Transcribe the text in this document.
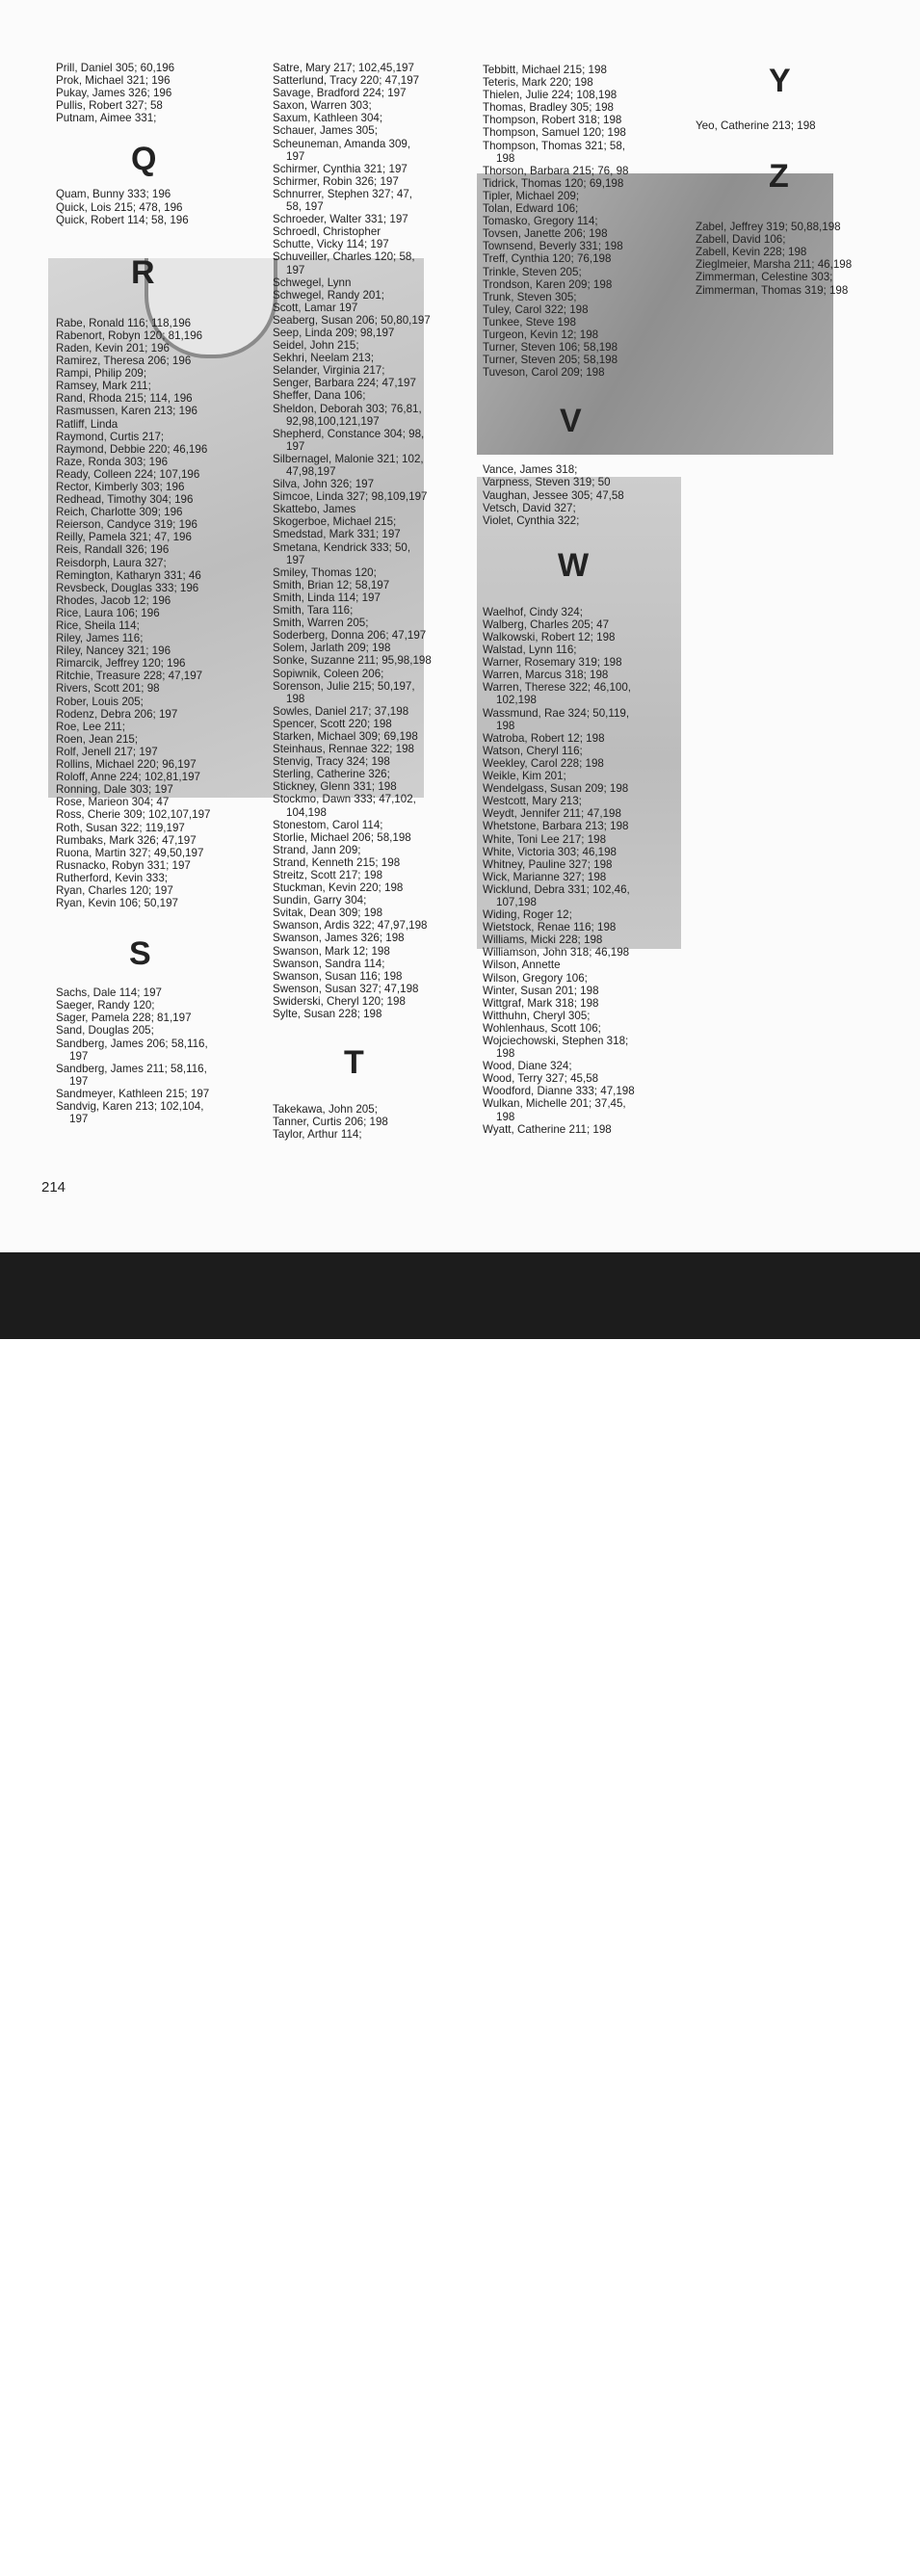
Prill, Daniel 305; 60,196
Prok, Michael 321; 196
Pukay, James 326; 196
Pullis, Robert 327; 58
Putnam, Aimee 331;
Q
Quam, Bunny 333; 196
Quick, Lois 215; 478, 196
Quick, Robert 114; 58, 196
R
Rabe, Ronald 116; 118,196
Rabenort, Robyn 120; 81,196
Raden, Kevin 201; 196
Ramirez, Theresa 206; 196
Rampi, Philip 209;
Ramsey, Mark 211;
Rand, Rhoda 215; 114, 196
Rasmussen, Karen 213; 196
Ratliff, Linda
Raymond, Curtis 217;
Raymond, Debbie 220; 46,196
Raze, Ronda 303; 196
Ready, Colleen 224; 107,196
Rector, Kimberly 303; 196
Redhead, Timothy 304; 196
Reich, Charlotte 309; 196
Reierson, Candyce 319; 196
Reilly, Pamela 321; 47, 196
Reis, Randall 326; 196
Reisdorph, Laura 327;
Remington, Katharyn 331; 46
Revsbeck, Douglas 333; 196
Rhodes, Jacob 12; 196
Rice, Laura 106; 196
Rice, Sheila 114;
Riley, James 116;
Riley, Nancey 321; 196
Rimarcik, Jeffrey 120; 196
Ritchie, Treasure 228; 47,197
Rivers, Scott 201; 98
Rober, Louis 205;
Rodenz, Debra 206; 197
Roe, Lee 211;
Roen, Jean 215;
Rolf, Jenell 217; 197
Rollins, Michael 220; 96,197
Roloff, Anne 224; 102,81,197
Ronning, Dale 303; 197
Rose, Marieon 304; 47
Ross, Cherie 309; 102,107,197
Roth, Susan 322; 119,197
Rumbaks, Mark 326; 47,197
Ruona, Martin 327; 49,50,197
Rusnacko, Robyn 331; 197
Rutherford, Kevin 333;
Ryan, Charles 120; 197
Ryan, Kevin 106; 50,197
S
Sachs, Dale 114; 197
Saeger, Randy 120;
Sager, Pamela 228; 81,197
Sand, Douglas 205;
Sandberg, James 206; 58,116,
197
Sandberg, James 211; 58,116,
197
Sandmeyer, Kathleen 215; 197
Sandvig, Karen 213; 102,104,
197
Satre, Mary 217; 102,45,197
Satterlund, Tracy 220; 47,197
Savage, Bradford 224; 197
Saxon, Warren 303;
Saxum, Kathleen 304;
Schauer, James 305;
Scheuneman, Amanda 309,
197
Schirmer, Cynthia 321; 197
Schirmer, Robin 326; 197
Schnurrer, Stephen 327; 47,
58, 197
Schroeder, Walter 331; 197
Schroedl, Christopher
Schutte, Vicky 114; 197
Schuveiller, Charles 120; 58,
197
Schwegel, Lynn
Schwegel, Randy 201;
Scott, Lamar 197
Seaberg, Susan 206; 50,80,197
Seep, Linda 209; 98,197
Seidel, John 215;
Sekhri, Neelam 213;
Selander, Virginia 217;
Senger, Barbara 224; 47,197
Sheffer, Dana 106;
Sheldon, Deborah 303; 76,81,
92,98,100,121,197
Shepherd, Constance 304; 98,
197
Silbernagel, Malonie 321; 102,
47,98,197
Silva, John 326; 197
Simcoe, Linda 327; 98,109,197
Skattebo, James
Skogerboe, Michael 215;
Smedstad, Mark 331; 197
Smetana, Kendrick 333; 50,
197
Smiley, Thomas 120;
Smith, Brian 12; 58,197
Smith, Linda 114; 197
Smith, Tara 116;
Smith, Warren 205;
Soderberg, Donna 206; 47,197
Solem, Jarlath 209; 198
Sonke, Suzanne 211; 95,98,198
Sopiwnik, Coleen 206;
Sorenson, Julie 215; 50,197,
198
Sowles, Daniel 217; 37,198
Spencer, Scott 220; 198
Starken, Michael 309; 69,198
Steinhaus, Rennae 322; 198
Stenvig, Tracy 324; 198
Sterling, Catherine 326;
Stickney, Glenn 331; 198
Stockmo, Dawn 333; 47,102,
104,198
Stonestom, Carol 114;
Storlie, Michael 206; 58,198
Strand, Jann 209;
Strand, Kenneth 215; 198
Streitz, Scott 217; 198
Stuckman, Kevin 220; 198
Sundin, Garry 304;
Svitak, Dean 309; 198
Swanson, Ardis 322; 47,97,198
Swanson, James 326; 198
Swanson, Mark 12; 198
Swanson, Sandra 114;
Swanson, Susan 116; 198
Swenson, Susan 327; 47,198
Swiderski, Cheryl 120; 198
Sylte, Susan 228; 198
T
Takekawa, John 205;
Tanner, Curtis 206; 198
Taylor, Arthur 114;
Tebbitt, Michael 215; 198
Teteris, Mark 220; 198
Thielen, Julie 224; 108,198
Thomas, Bradley 305; 198
Thompson, Robert 318; 198
Thompson, Samuel 120; 198
Thompson, Thomas 321; 58,
198
Thorson, Barbara 215; 76, 98
Tidrick, Thomas 120; 69,198
Tipler, Michael 209;
Tolan, Edward 106;
Tomasko, Gregory 114;
Tovsen, Janette 206; 198
Townsend, Beverly 331; 198
Treff, Cynthia 120; 76,198
Trinkle, Steven 205;
Trondson, Karen 209; 198
Trunk, Steven 305;
Tuley, Carol 322; 198
Tunkee, Steve 198
Turgeon, Kevin 12; 198
Turner, Steven 106; 58,198
Turner, Steven 205; 58,198
Tuveson, Carol 209; 198
V
Vance, James 318;
Varpness, Steven 319; 50
Vaughan, Jessee 305; 47,58
Vetsch, David 327;
Violet, Cynthia 322;
W
Waelhof, Cindy 324;
Walberg, Charles 205; 47
Walkowski, Robert 12; 198
Walstad, Lynn 116;
Warner, Rosemary 319; 198
Warren, Marcus 318; 198
Warren, Therese 322; 46,100,
102,198
Wassmund, Rae 324; 50,119,
198
Watroba, Robert 12; 198
Watson, Cheryl 116;
Weekley, Carol 228; 198
Weikle, Kim 201;
Wendelgass, Susan 209; 198
Westcott, Mary 213;
Weydt, Jennifer 211; 47,198
Whetstone, Barbara 213; 198
White, Toni Lee 217; 198
White, Victoria 303; 46,198
Whitney, Pauline 327; 198
Wick, Marianne 327; 198
Wicklund, Debra 331; 102,46,
107,198
Widing, Roger 12;
Wietstock, Renae 116; 198
Williams, Micki 228; 198
Williamson, John 318; 46,198
Wilson, Annette
Wilson, Gregory 106;
Winter, Susan 201; 198
Wittgraf, Mark 318; 198
Witthuhn, Cheryl 305;
Wohlenhaus, Scott 106;
Wojciechowski, Stephen 318;
198
Wood, Diane 324;
Wood, Terry 327; 45,58
Woodford, Dianne 333; 47,198
Wulkan, Michelle 201; 37,45,
198
Wyatt, Catherine 211; 198
Y
Yeo, Catherine 213; 198
Z
Zabel, Jeffrey 319; 50,88,198
Zabell, David 106;
Zabell, Kevin 228; 198
Zieglmeier, Marsha 211; 46,198
Zimmerman, Celestine 303;
Zimmerman, Thomas 319; 198
214
alamy	Image ID: 3A8WWM2
www.alamy.com
